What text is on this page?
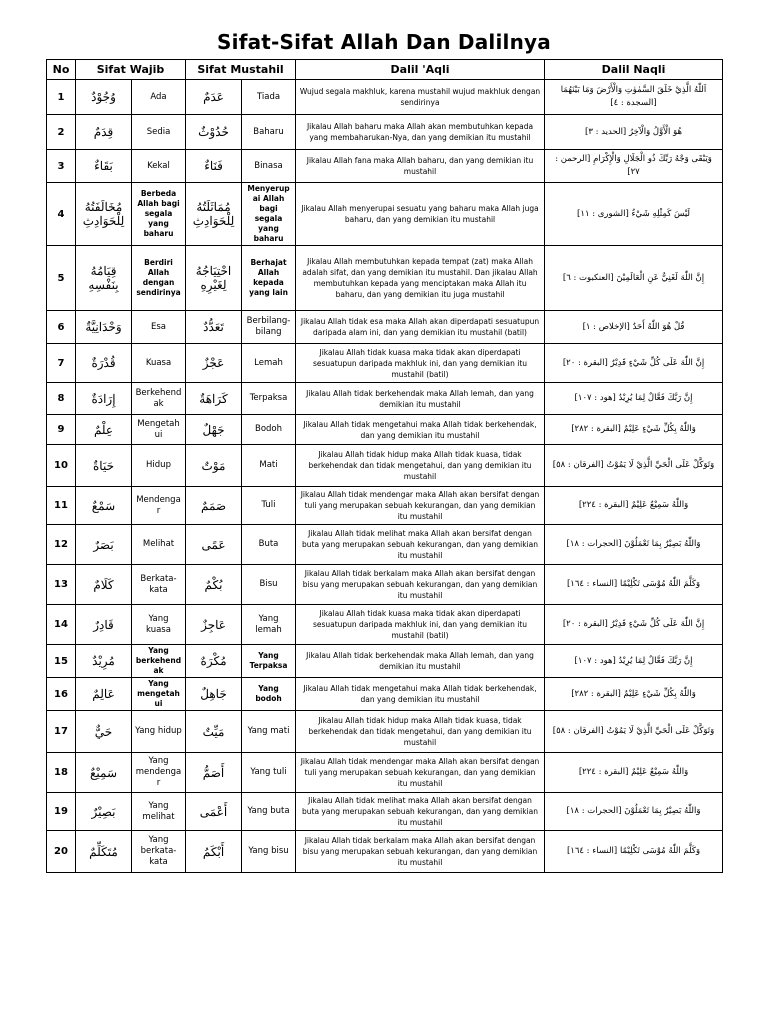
Sifat-Sifat Allah Dan Dalilnya
No	Sifat Wajib		Sifat Mustahil		Dalil 'Aqli	Dalil Naqli
1	وُجُوْدٌ	Ada	عَدَمٌ	Tiada	Wujud segala makhluk, karena mustahil wujud makhluk dengan sendirinya	اَللّٰهُ الَّذِيْ خَلَقَ السَّمٰوٰتِ وَالْأَرْضَ وَمَا بَيْنَهُمَا [السجدة : ٤]
2	قِدَمٌ	Sedia	حُدُوْثٌ	Baharu	Jikalau Allah baharu maka Allah akan membutuhkan kepada yang membaharukan-Nya, dan yang demikian itu mustahil	هُوَ الْأَوَّلُ وَالْآخِرُ [الحديد : ٣]
3	بَقَاءٌ	Kekal	فَنَاءٌ	Binasa	Jikalau Allah fana maka Allah baharu, dan yang demikian itu mustahil	وَيَبْقَى وَجْهُ رَبِّكَ ذُو الْجَلَالِ وَالْإِكْرَامِ [الرحمن : ٢٧]
4	مُخَالَفَتُهُ لِلْحَوَادِثِ	Berbeda Allah bagi segala yang baharu	مُمَاثَلَتُهُ لِلْحَوَادِثِ	Menyerupai Allah bagi segala yang baharu	Jikalau Allah menyerupai sesuatu yang baharu maka Allah juga baharu, dan yang demikian itu mustahil	لَيْسَ كَمِثْلِهِ شَيْءٌ [الشورى : ١١]
5	قِيَامُهُ بِنَفْسِهِ	Berdiri Allah dengan sendirinya	احْتِيَاجُهُ لِغَيْرِهِ	Berhajat Allah kepada yang lain	Jikalau Allah membutuhkan kepada tempat (zat) maka Allah adalah sifat, dan yang demikian itu mustahil. Dan jikalau Allah membutuhkan kepada yang menciptakan maka Allah itu baharu, dan yang demikian itu juga mustahil	إِنَّ اللّٰهَ لَغَنِيٌّ عَنِ الْعَالَمِيْنَ [العنكبوت : ٦]
6	وَحْدَانِيَّةٌ	Esa	تَعَدُّدٌ	Berbilang-bilang	Jikalau Allah tidak esa maka Allah akan diperdapati sesuatupun daripada alam ini, dan yang demikian itu mustahil (batil)	قُلْ هُوَ اللّٰهُ أَحَدٌ [الإخلاص : ١]
7	قُدْرَةٌ	Kuasa	عَجْزٌ	Lemah	Jikalau Allah tidak kuasa maka tidak akan diperdapati sesuatupun daripada makhluk ini, dan yang demikian itu mustahil (batil)	إِنَّ اللّٰهَ عَلَى كُلِّ شَيْءٍ قَدِيْرٌ [البقرة : ٢٠]
8	إِرَادَةٌ	Berkehendak	كَرَاهَةٌ	Terpaksa	Jikalau Allah tidak berkehendak maka Allah lemah, dan yang demikian itu mustahil	إِنَّ رَبَّكَ فَعَّالٌ لِمَا يُرِيْدُ [هود : ١٠٧]
9	عِلْمٌ	Mengetahui	جَهْلٌ	Bodoh	Jikalau Allah tidak mengetahui maka Allah tidak berkehendak, dan yang demikian itu mustahil	وَاللّٰهُ بِكُلِّ شَيْءٍ عَلِيْمٌ [البقرة : ٢٨٢]
10	حَيَاةٌ	Hidup	مَوْتٌ	Mati	Jikalau Allah tidak hidup maka Allah tidak kuasa, tidak berkehendak dan tidak mengetahui, dan yang demikian itu mustahil	وَتَوَكَّلْ عَلَى الْحَيِّ الَّذِيْ لَا يَمُوْتُ [الفرقان : ٥٨]
11	سَمْعٌ	Mendengar	صَمَمٌ	Tuli	Jikalau Allah tidak mendengar maka Allah akan bersifat dengan tuli yang merupakan sebuah kekurangan, dan yang demikian itu mustahil	وَاللّٰهُ سَمِيْعٌ عَلِيْمٌ [البقرة : ٢٢٤]
12	بَصَرٌ	Melihat	عَمًى	Buta	Jikalau Allah tidak melihat maka Allah akan bersifat dengan buta yang merupakan sebuah kekurangan, dan yang demikian itu mustahil	وَاللّٰهُ بَصِيْرٌ بِمَا تَعْمَلُوْنَ [الحجرات : ١٨]
13	كَلَامٌ	Berkata-kata	بُكْمٌ	Bisu	Jikalau Allah tidak berkalam maka Allah akan bersifat dengan bisu yang merupakan sebuah kekurangan, dan yang demikian itu mustahil	وَكَلَّمَ اللّٰهُ مُوْسَى تَكْلِيْمًا [النساء : ١٦٤]
14	قَادِرٌ	Yang kuasa	عَاجِزٌ	Yang lemah	Jikalau Allah tidak kuasa maka tidak akan diperdapati sesuatupun daripada makhluk ini, dan yang demikian itu mustahil (batil)	إِنَّ اللّٰهَ عَلَى كُلِّ شَيْءٍ قَدِيْرٌ [البقرة : ٢٠]
15	مُرِيْدٌ	Yang berkehendak	مُكْرَهٌ	Yang Terpaksa	Jikalau Allah tidak berkehendak maka Allah lemah, dan yang demikian itu mustahil	إِنَّ رَبَّكَ فَعَّالٌ لِمَا يُرِيْدُ [هود : ١٠٧]
16	عَالِمٌ	Yang mengetahui	جَاهِلٌ	Yang bodoh	Jikalau Allah tidak mengetahui maka Allah tidak berkehendak, dan yang demikian itu mustahil	وَاللّٰهُ بِكُلِّ شَيْءٍ عَلِيْمٌ [البقرة : ٢٨٢]
17	حَيٌّ	Yang hidup	مَيِّتٌ	Yang mati	Jikalau Allah tidak hidup maka Allah tidak kuasa, tidak berkehendak dan tidak mengetahui, dan yang demikian itu mustahil	وَتَوَكَّلْ عَلَى الْحَيِّ الَّذِيْ لَا يَمُوْتُ [الفرقان : ٥٨]
18	سَمِيْعٌ	Yang mendengar	أَصَمُّ	Yang tuli	Jikalau Allah tidak mendengar maka Allah akan bersifat dengan tuli yang merupakan sebuah kekurangan, dan yang demikian itu mustahil	وَاللّٰهُ سَمِيْعٌ عَلِيْمٌ [البقرة : ٢٢٤]
19	بَصِيْرٌ	Yang melihat	أَعْمَى	Yang buta	Jikalau Allah tidak melihat maka Allah akan bersifat dengan buta yang merupakan sebuah kekurangan, dan yang demikian itu mustahil	وَاللّٰهُ بَصِيْرٌ بِمَا تَعْمَلُوْنَ [الحجرات : ١٨]
20	مُتَكَلِّمٌ	Yang berkata-kata	أَبْكَمُ	Yang bisu	Jikalau Allah tidak berkalam maka Allah akan bersifat dengan bisu yang merupakan sebuah kekurangan, dan yang demikian itu mustahil	وَكَلَّمَ اللّٰهُ مُوْسَى تَكْلِيْمًا [النساء : ١٦٤]
